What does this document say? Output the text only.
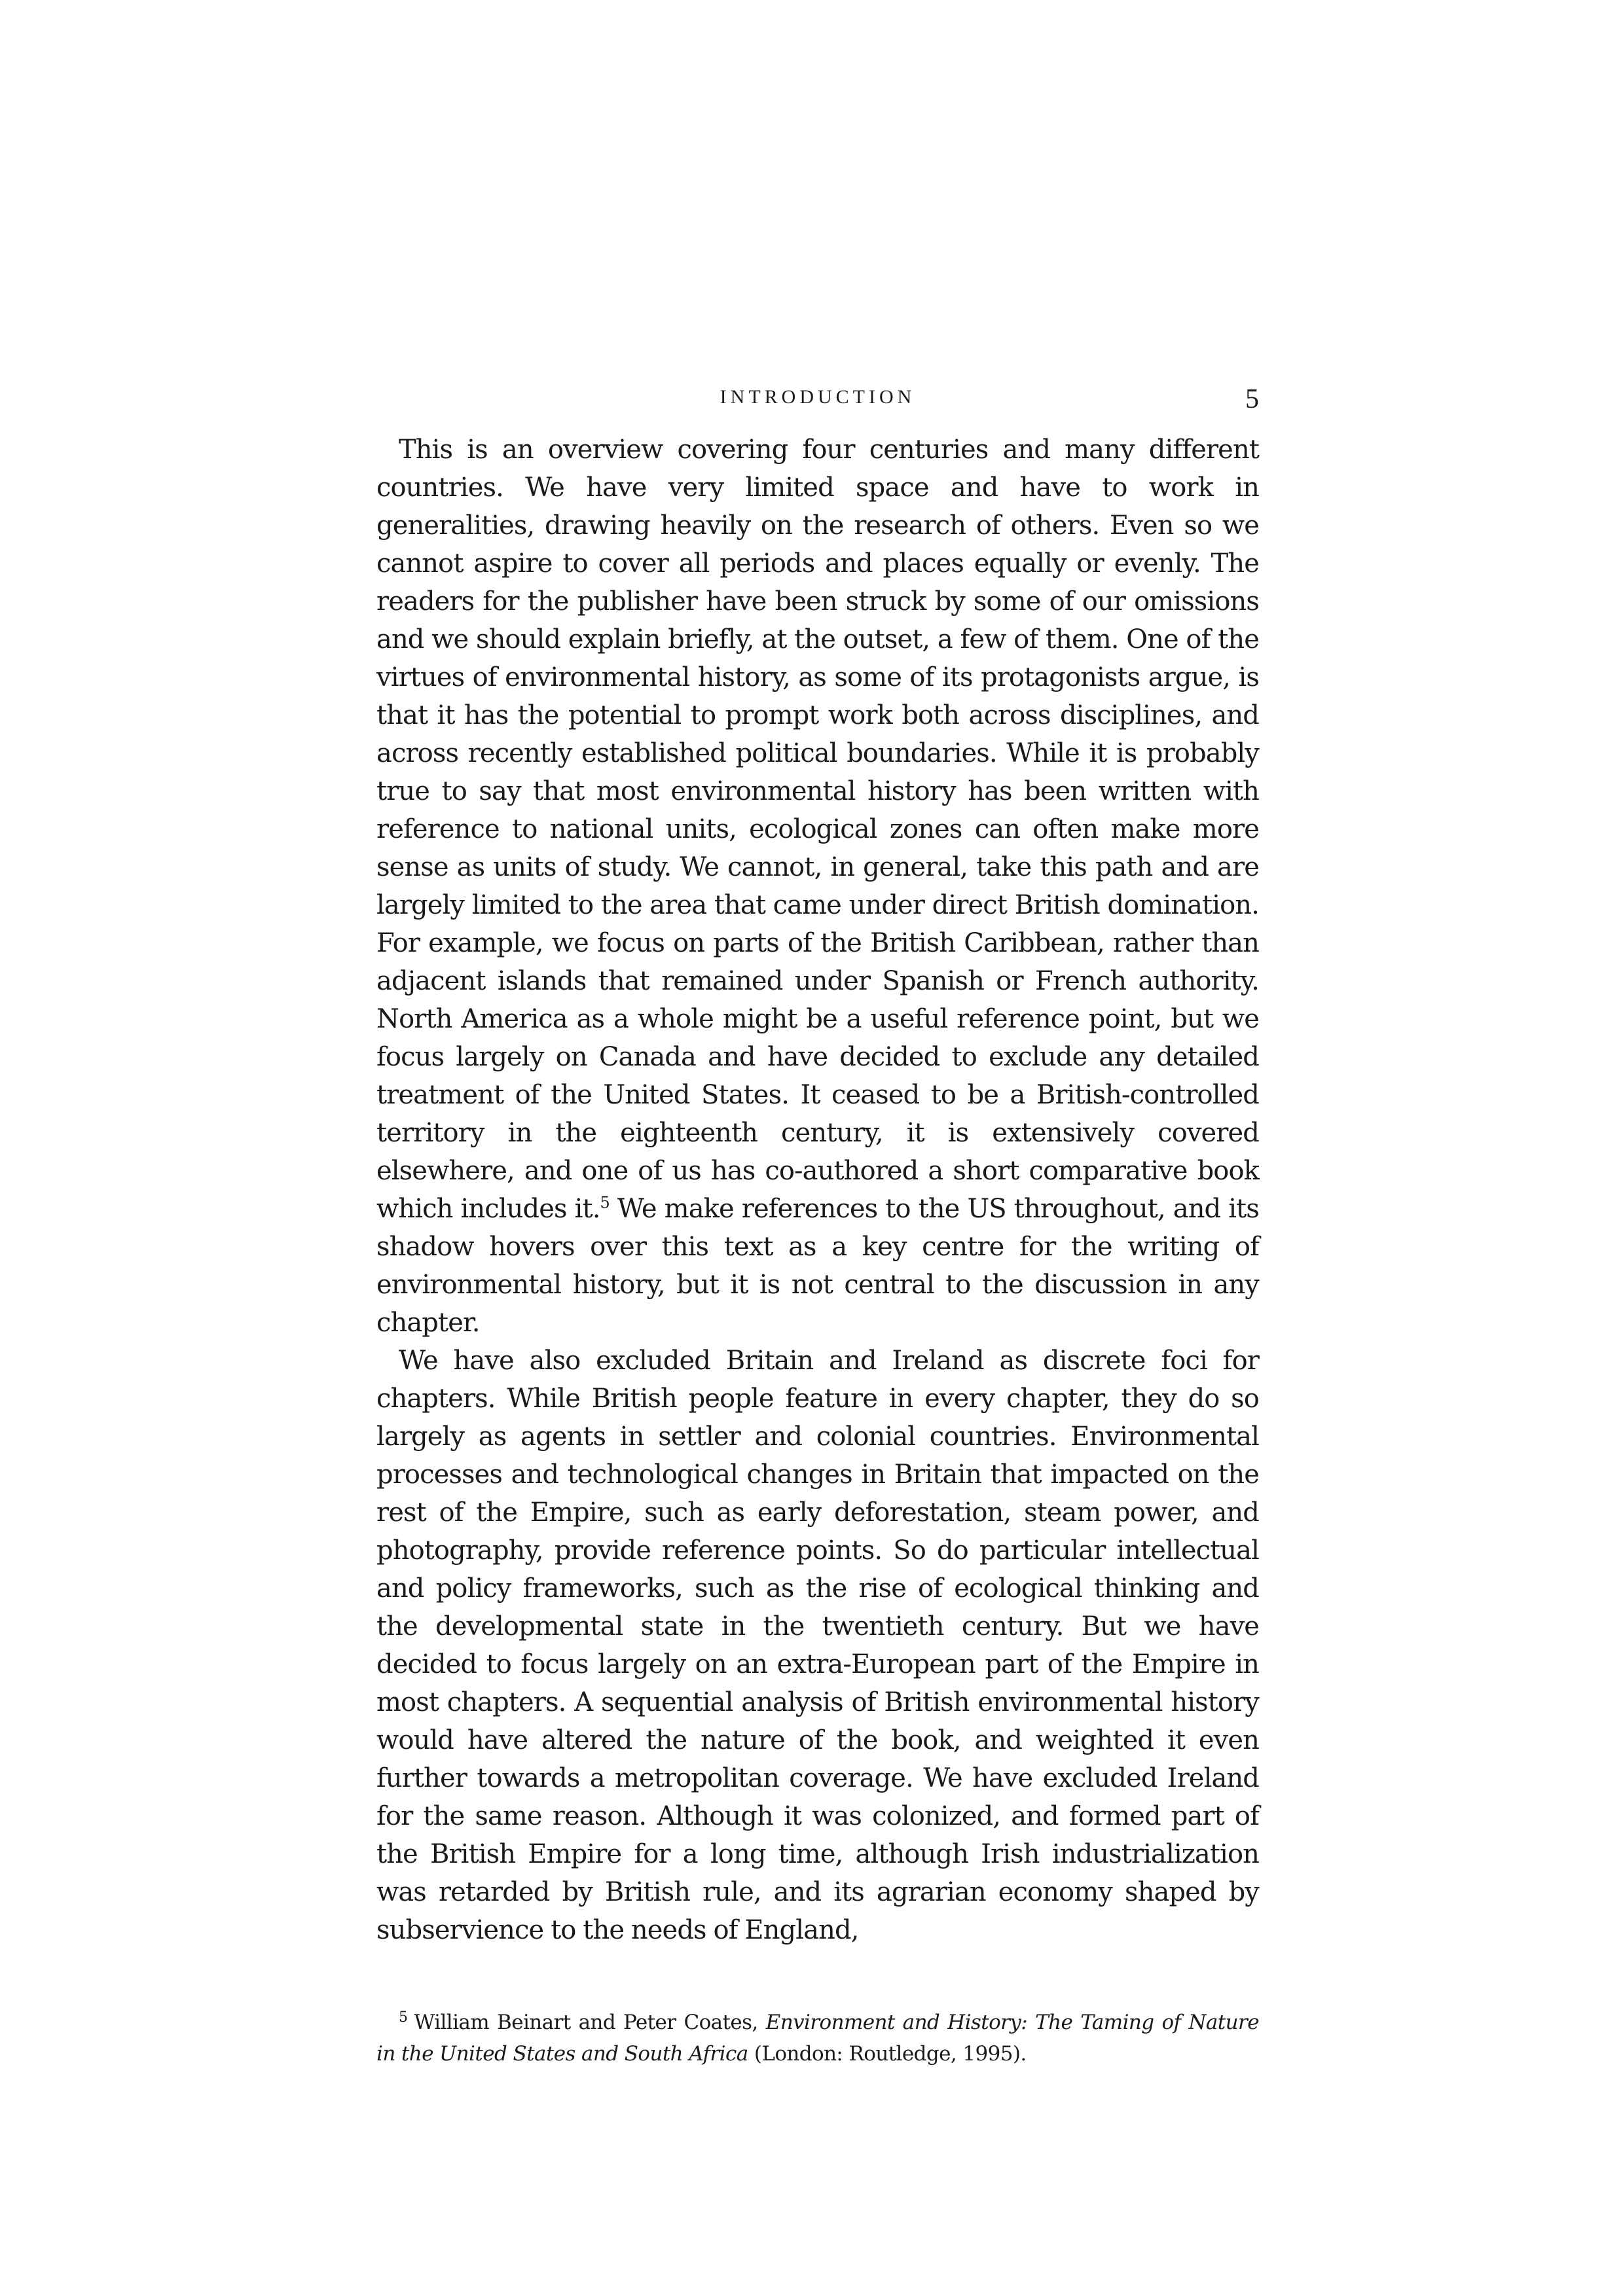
INTRODUCTION	5

This is an overview covering four centuries and many different countries. We have very limited space and have to work in generalities, drawing heavily on the research of others. Even so we cannot aspire to cover all periods and places equally or evenly. The readers for the publisher have been struck by some of our omissions and we should explain briefly, at the outset, a few of them. One of the virtues of environmental history, as some of its protagonists argue, is that it has the potential to prompt work both across disciplines, and across recently established political boundaries. While it is probably true to say that most environmental history has been written with reference to national units, ecological zones can often make more sense as units of study. We cannot, in general, take this path and are largely limited to the area that came under direct British domination. For example, we focus on parts of the British Caribbean, rather than adjacent islands that remained under Spanish or French authority. North America as a whole might be a useful reference point, but we focus largely on Canada and have decided to exclude any detailed treatment of the United States. It ceased to be a British-controlled territory in the eighteenth century, it is extensively covered elsewhere, and one of us has co-authored a short comparative book which includes it.$^5$ We make references to the US throughout, and its shadow hovers over this text as a key centre for the writing of environmental history, but it is not central to the discussion in any chapter.

We have also excluded Britain and Ireland as discrete foci for chapters. While British people feature in every chapter, they do so largely as agents in settler and colonial countries. Environmental processes and technological changes in Britain that impacted on the rest of the Empire, such as early deforestation, steam power, and photography, provide reference points. So do particular intellectual and policy frameworks, such as the rise of ecological thinking and the developmental state in the twentieth century. But we have decided to focus largely on an extra-European part of the Empire in most chapters. A sequential analysis of British environmental history would have altered the nature of the book, and weighted it even further towards a metropolitan coverage. We have excluded Ireland for the same reason. Although it was colonized, and formed part of the British Empire for a long time, although Irish industrialization was retarded by British rule, and its agrarian economy shaped by subservience to the needs of England,

$^5$ William Beinart and Peter Coates, Environment and History: The Taming of Nature in the United States and South Africa (London: Routledge, 1995).
